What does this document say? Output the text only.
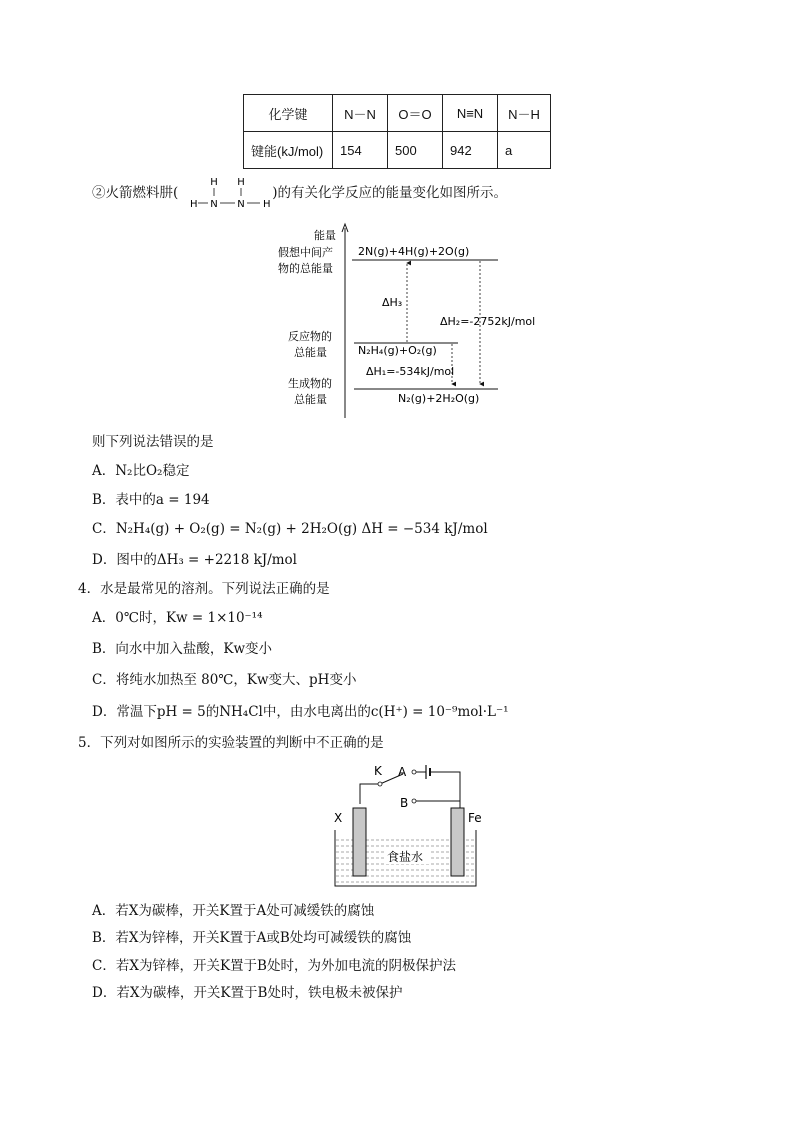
化学键	N－N	O＝O	N≡N	N－H
键能(kJ/mol)	154	500	942	a
②火箭燃料肼(	)的有关化学反应的能量变化如图所示。
H H
H N N H
能量
假想中间产
物的总能量
反应物的
总能量
生成物的
总能量
2N(g)+4H(g)+2O(g)
N₂H₄(g)+O₂(g)
N₂(g)+2H₂O(g)
ΔH₃
ΔH₂=-2752kJ/mol
ΔH₁=-534kJ/mol
则下列说法错误的是
A．N₂比O₂稳定
B．表中的a = 194
C．N₂H₄(g) + O₂(g) = N₂(g) + 2H₂O(g) ΔH = −534 kJ/mol
D．图中的ΔH₃ = +2218 kJ/mol
4．水是最常见的溶剂。下列说法正确的是
A．0℃时，Kw = 1×10⁻¹⁴
B．向水中加入盐酸，Kw变小
C．将纯水加热至 80℃，Kw变大、pH变小
D．常温下pH = 5的NH₄Cl中，由水电离出的c(H⁺) = 10⁻⁹mol·L⁻¹
5．下列对如图所示的实验装置的判断中不正确的是
K A
B
X	Fe
食盐水
A．若X为碳棒，开关K置于A处可减缓铁的腐蚀
B．若X为锌棒，开关K置于A或B处均可减缓铁的腐蚀
C．若X为锌棒，开关K置于B处时，为外加电流的阴极保护法
D．若X为碳棒，开关K置于B处时，铁电极未被保护
